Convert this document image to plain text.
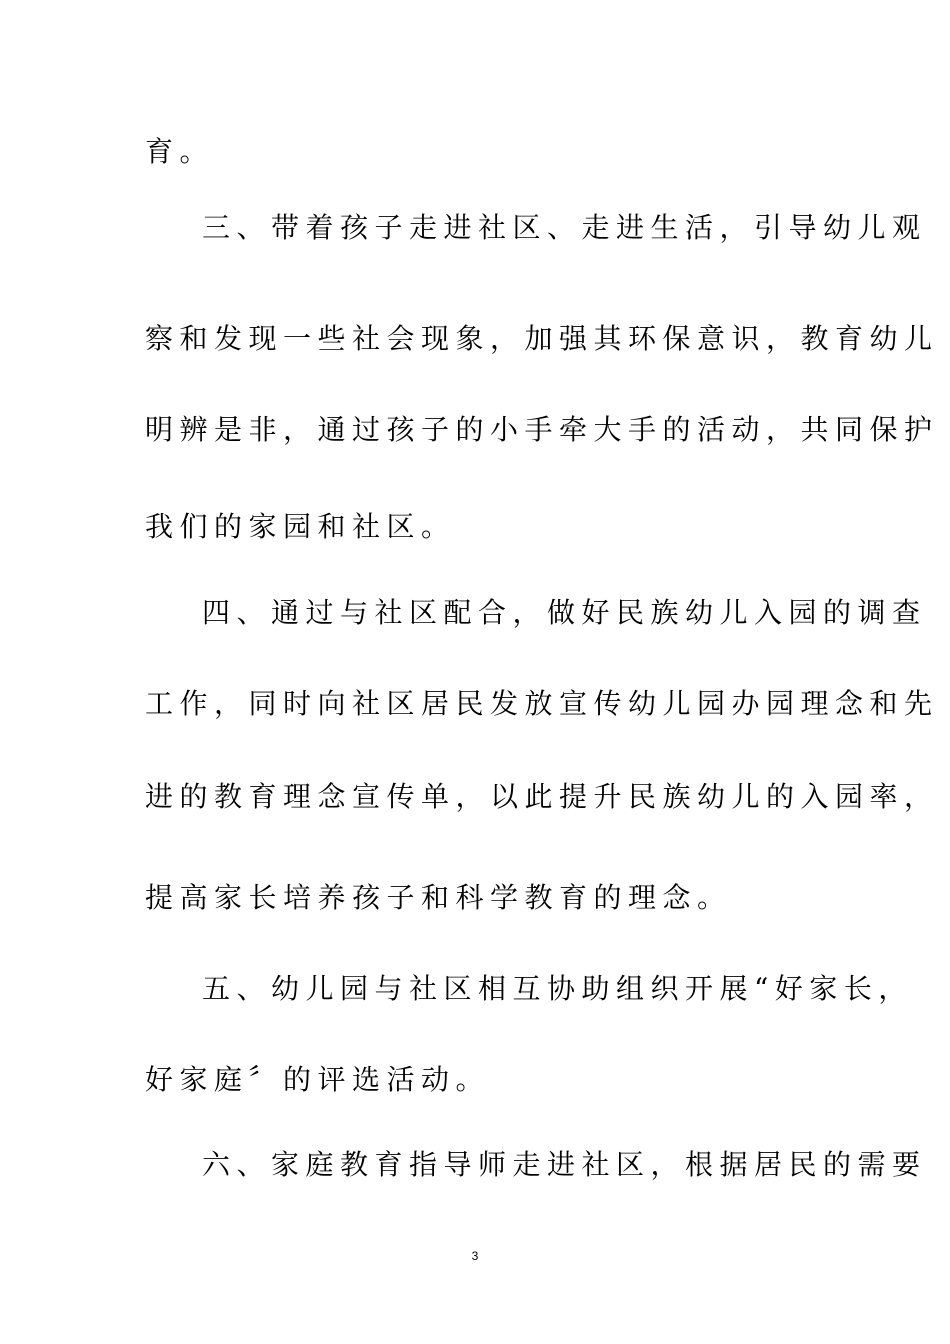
育。
三、带着孩子走进社区、走进生活，引导幼儿观
察和发现一些社会现象，加强其环保意识，教育幼儿
明辨是非，通过孩子的小手牵大手的活动，共同保护
我们的家园和社区。
四、通过与社区配合，做好民族幼儿入园的调查
工作，同时向社区居民发放宣传幼儿园办园理念和先
进的教育理念宣传单，以此提升民族幼儿的入园率，
提高家长培养孩子和科学教育的理念。
五、幼儿园与社区相互协助组织开展“好家长，
好家庭〞的评选活动。
六、家庭教育指导师走进社区，根据居民的需要
3
